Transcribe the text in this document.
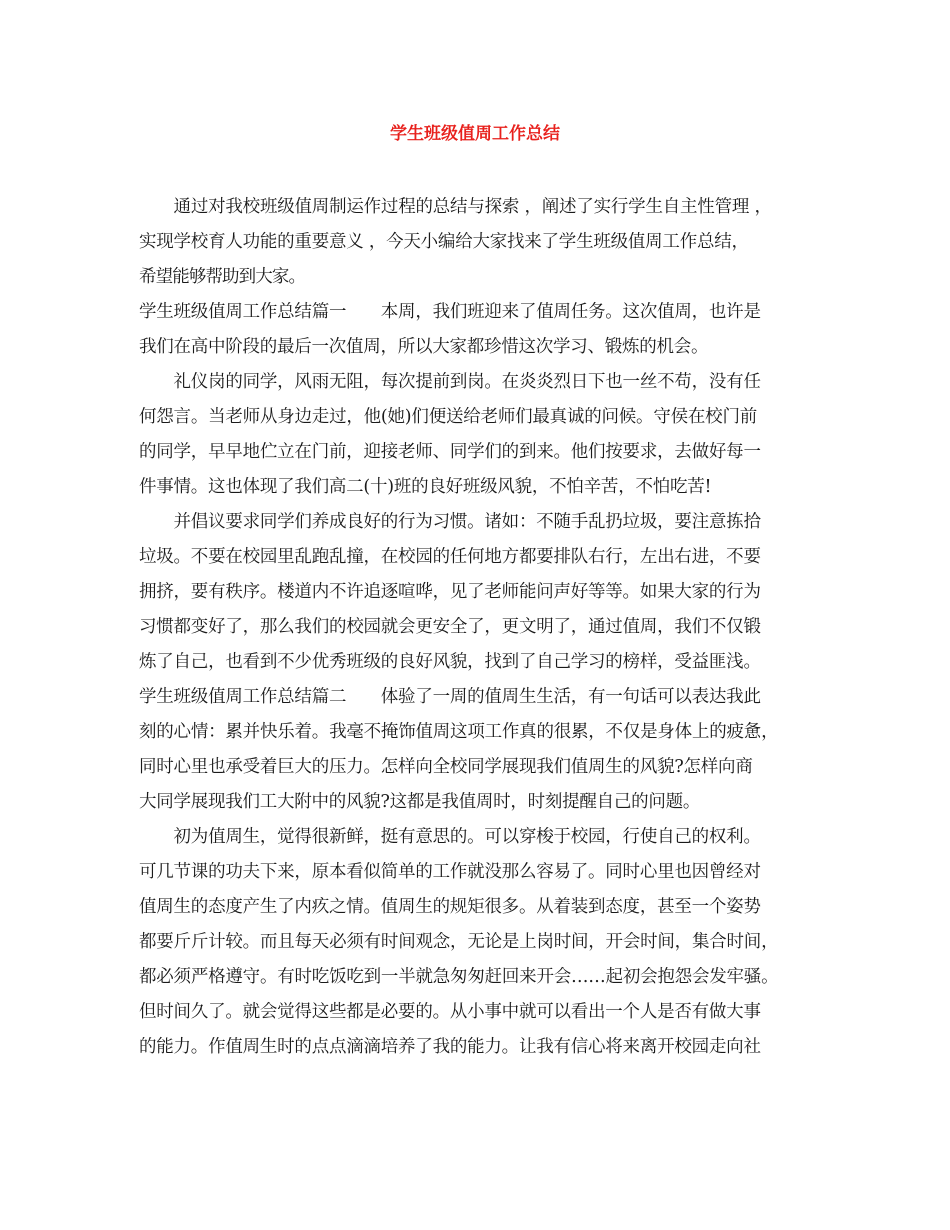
学生班级值周工作总结
　　通过对我校班级值周制运作过程的总结与探索 ，阐述了实行学生自主性管理 ，
实现学校育人功能的重要意义 ，今天小编给大家找来了学生班级值周工作总结，
希望能够帮助到大家。
学生班级值周工作总结篇一　　本周，我们班迎来了值周任务。这次值周，也许是
我们在高中阶段的最后一次值周，所以大家都珍惜这次学习、锻炼的机会。
　　礼仪岗的同学，风雨无阻，每次提前到岗。在炎炎烈日下也一丝不苟，没有任
何怨言。当老师从身边走过，他(她)们便送给老师们最真诚的问候。守侯在校门前
的同学，早早地伫立在门前，迎接老师、同学们的到来。他们按要求，去做好每一
件事情。这也体现了我们高二(十)班的良好班级风貌，不怕辛苦，不怕吃苦!
　　并倡议要求同学们养成良好的行为习惯。诸如：不随手乱扔垃圾，要注意拣拾
垃圾。不要在校园里乱跑乱撞，在校园的任何地方都要排队右行，左出右进，不要
拥挤，要有秩序。楼道内不许追逐喧哗，见了老师能问声好等等。如果大家的行为
习惯都变好了，那么我们的校园就会更安全了，更文明了，通过值周，我们不仅锻
炼了自己，也看到不少优秀班级的良好风貌，找到了自己学习的榜样，受益匪浅。
学生班级值周工作总结篇二　　体验了一周的值周生生活，有一句话可以表达我此
刻的心情：累并快乐着。我毫不掩饰值周这项工作真的很累，不仅是身体上的疲惫，
同时心里也承受着巨大的压力。怎样向全校同学展现我们值周生的风貌?怎样向商
大同学展现我们工大附中的风貌?这都是我值周时，时刻提醒自己的问题。
　　初为值周生，觉得很新鲜，挺有意思的。可以穿梭于校园，行使自己的权利。
可几节课的功夫下来，原本看似简单的工作就没那么容易了。同时心里也因曾经对
值周生的态度产生了内疚之情。值周生的规矩很多。从着装到态度，甚至一个姿势
都要斤斤计较。而且每天必须有时间观念，无论是上岗时间，开会时间，集合时间，
都必须严格遵守。有时吃饭吃到一半就急匆匆赶回来开会……起初会抱怨会发牢骚。
但时间久了。就会觉得这些都是必要的。从小事中就可以看出一个人是否有做大事
的能力。作值周生时的点点滴滴培养了我的能力。让我有信心将来离开校园走向社
